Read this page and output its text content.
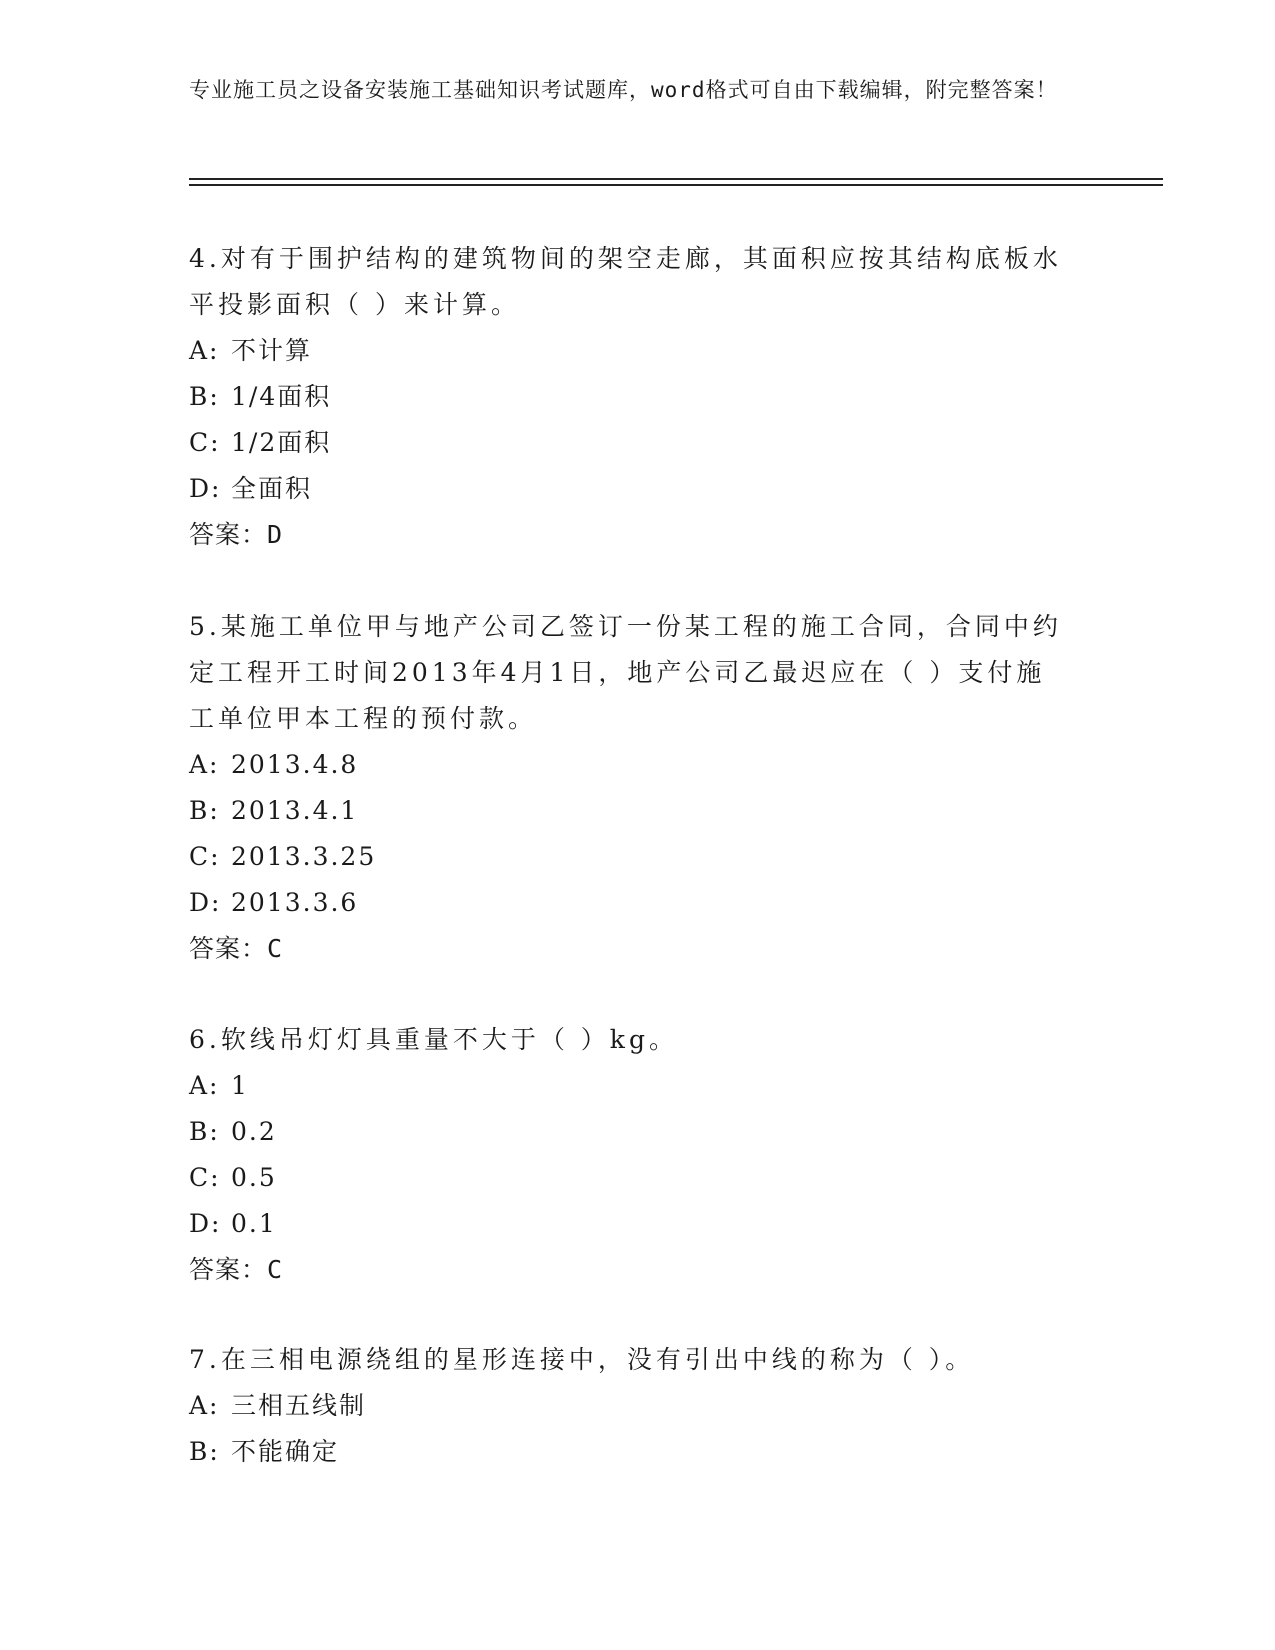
专业施工员之设备安装施工基础知识考试题库，word格式可自由下载编辑，附完整答案！

4.对有于围护结构的建筑物间的架空走廊，其面积应按其结构底板水平投影面积（ ）来计算。

A: 不计算

B: 1/4面积

C: 1/2面积

D: 全面积

答案：D

5.某施工单位甲与地产公司乙签订一份某工程的施工合同，合同中约定工程开工时间2013年4月1日，地产公司乙最迟应在（ ）支付施工单位甲本工程的预付款。

A: 2013.4.8

B: 2013.4.1

C: 2013.3.25

D: 2013.3.6

答案：C

6.软线吊灯灯具重量不大于（ ）kg。

A: 1

B: 0.2

C: 0.5

D: 0.1

答案：C

7.在三相电源绕组的星形连接中，没有引出中线的称为（ ）。

A: 三相五线制

B: 不能确定
